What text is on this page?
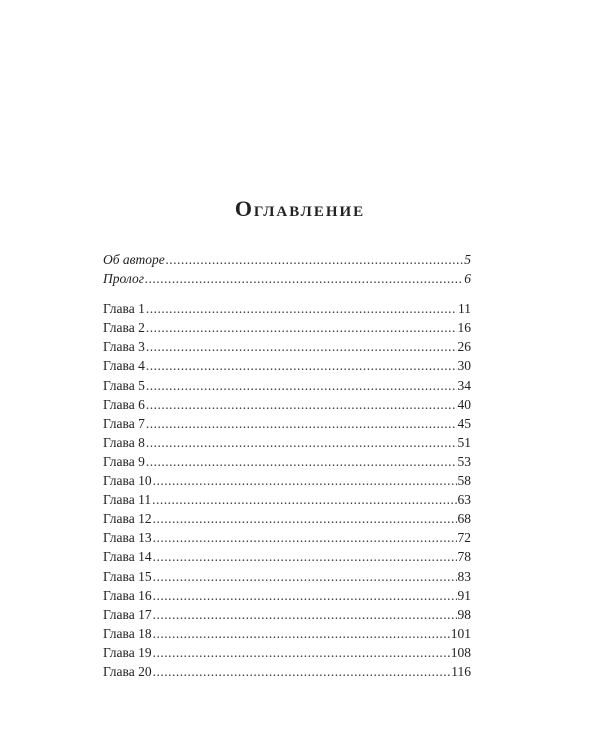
Оглавление
Об авторе .....	5
Пролог .....	6
Глава 1 .....	11
Глава 2 .....	16
Глава 3 .....	26
Глава 4 .....	30
Глава 5 .....	34
Глава 6 .....	40
Глава 7 .....	45
Глава 8 .....	51
Глава 9 .....	53
Глава 10 .....	58
Глава 11 .....	63
Глава 12 .....	68
Глава 13 .....	72
Глава 14 .....	78
Глава 15 .....	83
Глава 16 .....	91
Глава 17 .....	98
Глава 18 .....	101
Глава 19 .....	108
Глава 20 .....	116
